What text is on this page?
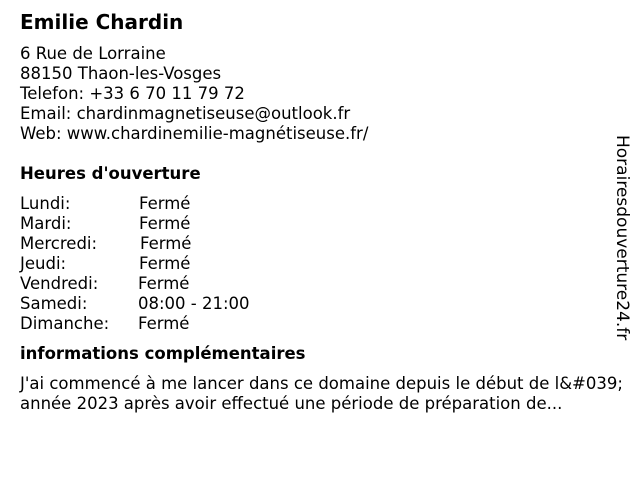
Emilie Chardin
6 Rue de Lorraine
88150 Thaon-les-Vosges
Telefon: +33 6 70 11 79 72
Email: chardinmagnetiseuse@outlook.fr
Web: www.chardinemilie-magnétiseuse.fr/
Heures d'ouverture
Lundi:	Fermé
Mardi:	Fermé
Mercredi:	Fermé
Jeudi:	Fermé
Vendredi: Fermé
Samedi:	08:00 - 21:00
Dimanche: Fermé
informations complémentaires
J'ai commencé à me lancer dans ce domaine depuis le début de l&#039;année 2023 après avoir effectué une période de préparation de...
Horairesdouverture24.fr
